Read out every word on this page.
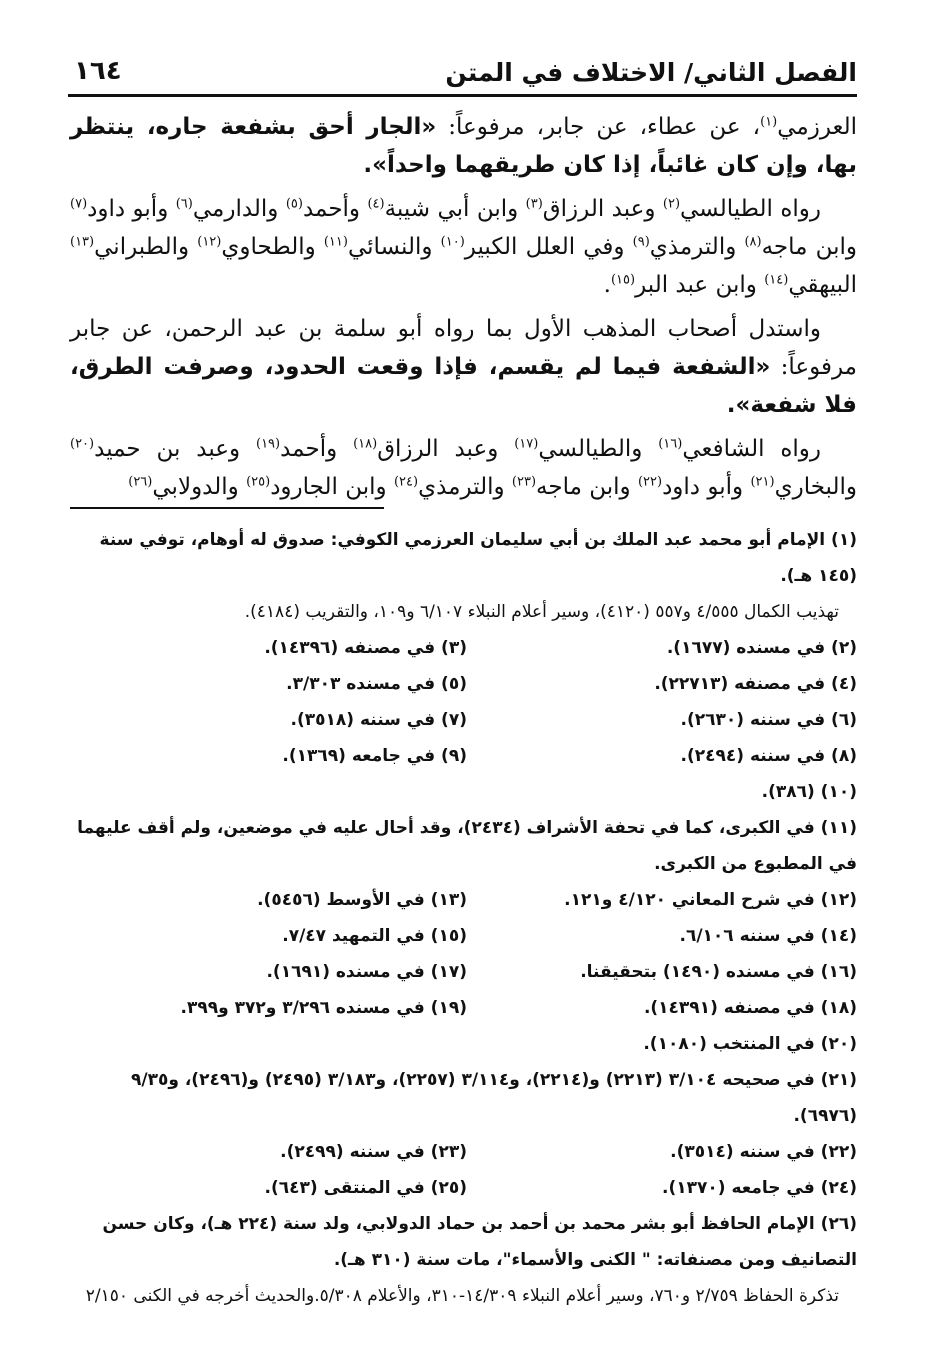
الفصل الثاني/ الاختلاف في المتن
١٦٤

العرزمي$^{(١)}$، عن عطاء، عن جابر، مرفوعاً: «الجار أحق بشفعة جاره، ينتظر بها، وإن كان غائباً، إذا كان طريقهما واحداً».

رواه الطيالسي$^{(٢)}$ وعبد الرزاق$^{(٣)}$ وابن أبي شيبة$^{(٤)}$ وأحمد$^{(٥)}$ والدارمي$^{(٦)}$ وأبو داود$^{(٧)}$ وابن ماجه$^{(٨)}$ والترمذي$^{(٩)}$ وفي العلل الكبير$^{(١٠)}$ والنسائي$^{(١١)}$ والطحاوي$^{(١٢)}$ والطبراني$^{(١٣)}$ البيهقي$^{(١٤)}$ وابن عبد البر$^{(١٥)}$.

واستدل أصحاب المذهب الأول بما رواه أبو سلمة بن عبد الرحمن، عن جابر مرفوعاً: «الشفعة فيما لم يقسم، فإذا وقعت الحدود، وصرفت الطرق، فلا شفعة».

رواه الشافعي$^{(١٦)}$ والطيالسي$^{(١٧)}$ وعبد الرزاق$^{(١٨)}$ وأحمد$^{(١٩)}$ وعبد بن حميد$^{(٢٠)}$ والبخاري$^{(٢١)}$ وأبو داود$^{(٢٢)}$ وابن ماجه$^{(٢٣)}$ والترمذي$^{(٢٤)}$ وابن الجارود$^{(٢٥)}$ والدولابي$^{(٢٦)}$

(١) الإمام أبو محمد عبد الملك بن أبي سليمان العرزمي الكوفي: صدوق له أوهام، توفي سنة (١٤٥ هـ).

تهذيب الكمال ٤/٥٥٥ و٥٥٧ (٤١٢٠)، وسير أعلام النبلاء ٦/١٠٧ و١٠٩، والتقريب (٤١٨٤).

(٢) في مسنده (١٦٧٧).
(٣) في مصنفه (١٤٣٩٦).
(٤) في مصنفه (٢٢٧١٣).
(٥) في مسنده ٣/٣٠٣.
(٦) في سننه (٢٦٣٠).
(٧) في سننه (٣٥١٨).
(٨) في سننه (٢٤٩٤).
(٩) في جامعه (١٣٦٩).

(١٠) (٣٨٦).

(١١) في الكبرى، كما في تحفة الأشراف (٢٤٣٤)، وقد أحال عليه في موضعين، ولم أقف عليهما في المطبوع من الكبرى.

(١٢) في شرح المعاني ٤/١٢٠ و١٢١.
(١٣) في الأوسط (٥٤٥٦).
(١٤) في سننه ٦/١٠٦.
(١٥) في التمهيد ٧/٤٧.
(١٦) في مسنده (١٤٩٠) بتحقيقنا.
(١٧) في مسنده (١٦٩١).
(١٨) في مصنفه (١٤٣٩١).
(١٩) في مسنده ٣/٢٩٦ و٣٧٢ و٣٩٩.

(٢٠) في المنتخب (١٠٨٠).

(٢١) في صحيحه ٣/١٠٤ (٢٢١٣) و(٢٢١٤)، و٣/١١٤ (٢٢٥٧)، و٣/١٨٣ (٢٤٩٥) و(٢٤٩٦)، و٩/٣٥ (٦٩٧٦).

(٢٢) في سننه (٣٥١٤).
(٢٣) في سننه (٢٤٩٩).
(٢٤) في جامعه (١٣٧٠).
(٢٥) في المنتقى (٦٤٣).

(٢٦) الإمام الحافظ أبو بشر محمد بن أحمد بن حماد الدولابي، ولد سنة (٢٢٤ هـ)، وكان حسن التصانيف ومن مصنفاته: " الكنى والأسماء"، مات سنة (٣١٠ هـ).

تذكرة الحفاظ ٢/٧٥٩ و٧٦٠، وسير أعلام النبلاء ١٤/٣٠٩-٣١٠، والأعلام ٥/٣٠٨.والحديث أخرجه في الكنى ٢/١٥٠
